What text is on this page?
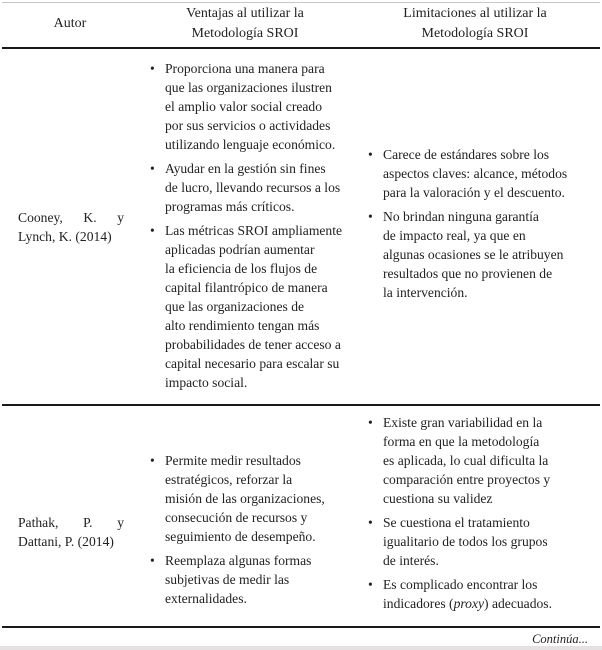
Autor
Ventajas al utilizar la
Metodología SROI
Limitaciones al utilizar la
Metodología SROI
Cooney, K. y
Lynch, K. (2014)
• Proporciona una manera para
que las organizaciones ilustren
el amplio valor social creado
por sus servicios o actividades
utilizando lenguaje económico.
• Ayudar en la gestión sin fines
de lucro, llevando recursos a los
programas más críticos.
• Las métricas SROI ampliamente
aplicadas podrían aumentar
la eficiencia de los flujos de
capital filantrópico de manera
que las organizaciones de
alto rendimiento tengan más
probabilidades de tener acceso a
capital necesario para escalar su
impacto social.
• Carece de estándares sobre los
aspectos claves: alcance, métodos
para la valoración y el descuento.
• No brindan ninguna garantía
de impacto real, ya que en
algunas ocasiones se le atribuyen
resultados que no provienen de
la intervención.
Pathak, P. y
Dattani, P. (2014)
• Permite medir resultados
estratégicos, reforzar la
misión de las organizaciones,
consecución de recursos y
seguimiento de desempeño.
• Reemplaza algunas formas
subjetivas de medir las
externalidades.
• Existe gran variabilidad en la
forma en que la metodología
es aplicada, lo cual dificulta la
comparación entre proyectos y
cuestiona su validez
• Se cuestiona el tratamiento
igualitario de todos los grupos
de interés.
• Es complicado encontrar los
indicadores (proxy) adecuados.
Continúa...
